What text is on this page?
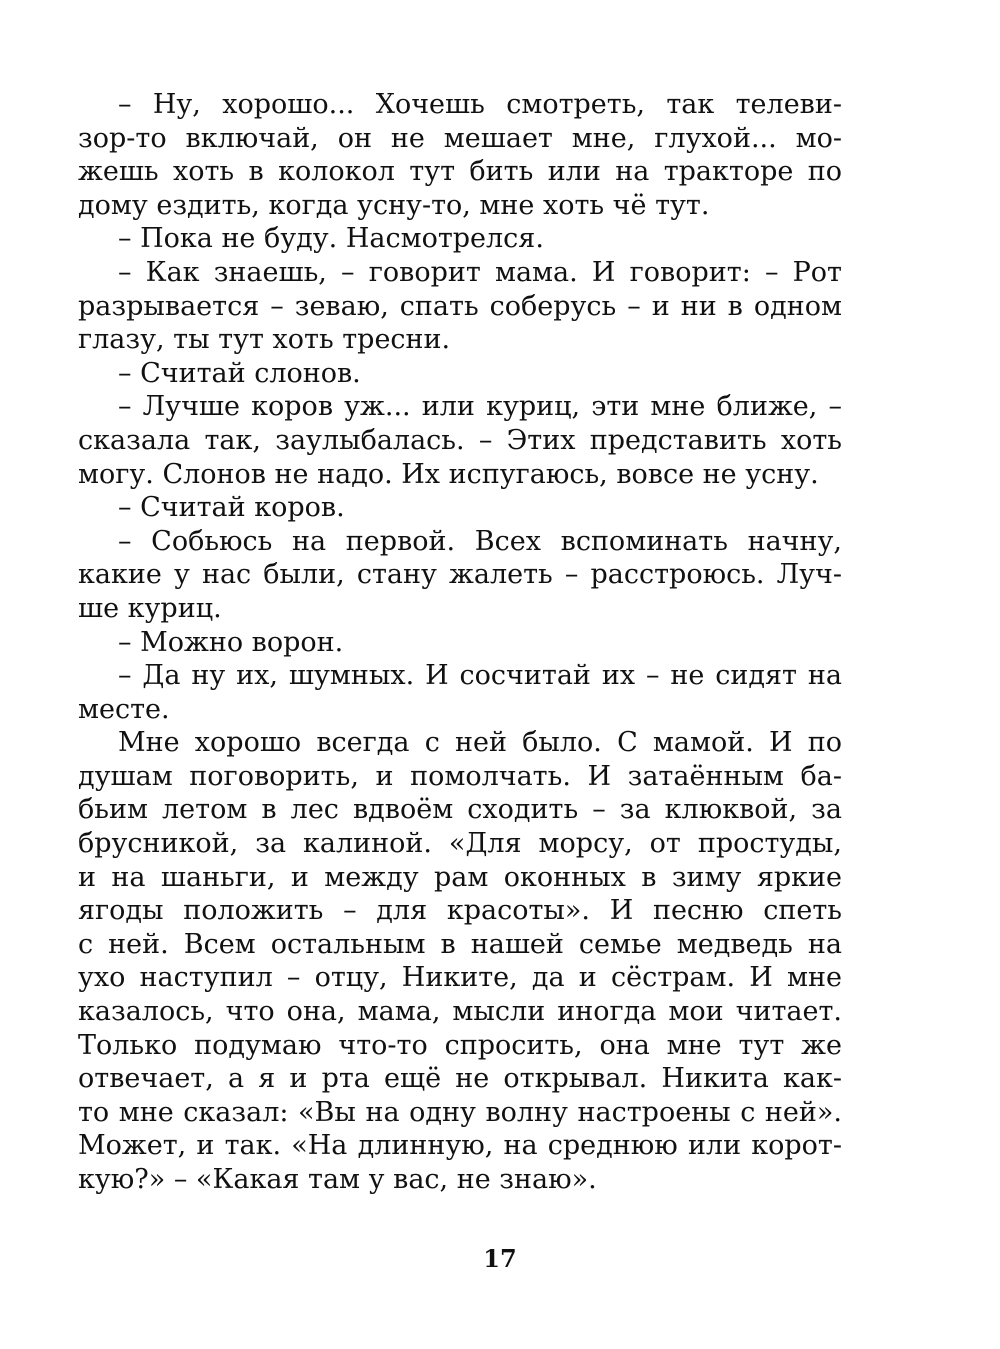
– Ну, хорошо... Хочешь смотреть, так телеви-
зор-то включай, он не мешает мне, глухой... мо-
жешь хоть в колокол тут бить или на тракторе по
дому ездить, когда усну-то, мне хоть чё тут.
– Пока не буду. Насмотрелся.
– Как знаешь, – говорит мама. И говорит: – Рот
разрывается – зеваю, спать соберусь – и ни в одном
глазу, ты тут хоть тресни.
– Считай слонов.
– Лучше коров уж... или куриц, эти мне ближе, –
сказала так, заулыбалась. – Этих представить хоть
могу. Слонов не надо. Их испугаюсь, вовсе не усну.
– Считай коров.
– Собьюсь на первой. Всех вспоминать начну,
какие у нас были, стану жалеть – расстроюсь. Луч-
ше куриц.
– Можно ворон.
– Да ну их, шумных. И сосчитай их – не сидят на
месте.
Мне хорошо всегда с ней было. С мамой. И по
душам поговорить, и помолчать. И затаённым ба-
бьим летом в лес вдвоём сходить – за клюквой, за
брусникой, за калиной. «Для морсу, от простуды,
и на шаньги, и между рам оконных в зиму яркие
ягоды положить – для красоты». И песню спеть
с ней. Всем остальным в нашей семье медведь на
ухо наступил – отцу, Никите, да и сёстрам. И мне
казалось, что она, мама, мысли иногда мои читает.
Только подумаю что-то спросить, она мне тут же
отвечает, а я и рта ещё не открывал. Никита как-
то мне сказал: «Вы на одну волну настроены с ней».
Может, и так. «На длинную, на среднюю или корот-
кую?» – «Какая там у вас, не знаю».
17
